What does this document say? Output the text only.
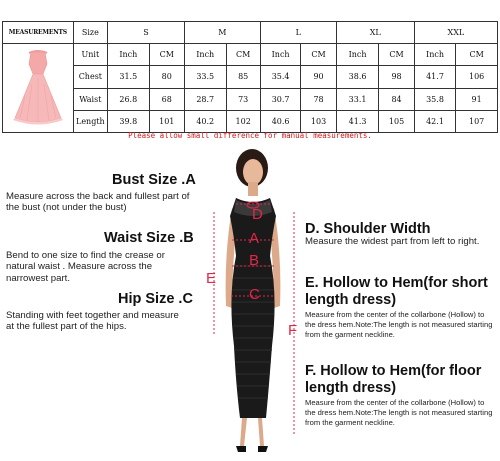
MEASUREMENTS	Size	S		M		L		XL		XXL	
	Unit	Inch	CM	Inch	CM	Inch	CM	Inch	CM	Inch	CM
	Chest	31.5	80	33.5	85	35.4	90	38.6	98	41.7	106
	Waist	26.8	68	28.7	73	30.7	78	33.1	84	35.8	91
	Length	39.8	101	40.2	102	40.6	103	41.3	105	42.1	107
Please allow small difference for manual measurements.
Bust Size .A
Measure across the back and fullest part of the bust (not under the bust)
Waist Size .B
Bend to one size to find the crease or natural waist . Measure across the narrowest part.
Hip Size .C
Standing with feet together and measure at the fullest part of the hips.
D
A
B
C
E
F
D. Shoulder Width
Measure the widest part from left to right.
E. Hollow to Hem(for short length dress)
Measure from the center of the collarbone (Hollow) to the dress hem.Note:The length is not measured starting from the garment neckline.
F. Hollow to Hem(for floor length dress)
Measure from the center of the collarbone (Hollow) to the dress hem.Note:The length is not measured starting from the garment neckline.
